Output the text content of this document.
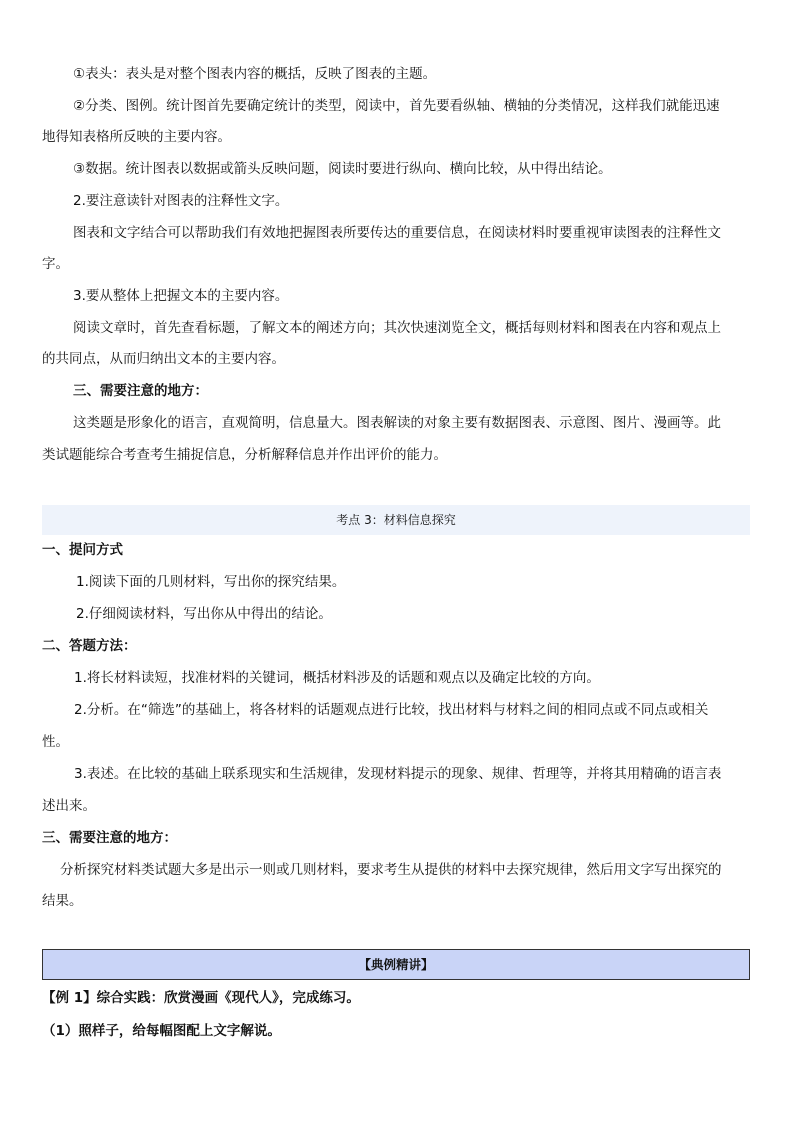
①表头：表头是对整个图表内容的概括，反映了图表的主题。
②分类、图例。统计图首先要确定统计的类型，阅读中，首先要看纵轴、横轴的分类情况，这样我们就能迅速
地得知表格所反映的主要内容。
③数据。统计图表以数据或箭头反映问题，阅读时要进行纵向、横向比较，从中得出结论。
2.要注意读针对图表的注释性文字。
图表和文字结合可以帮助我们有效地把握图表所要传达的重要信息，在阅读材料时要重视审读图表的注释性文
字。
3.要从整体上把握文本的主要内容。
阅读文章时，首先查看标题，了解文本的阐述方向；其次快速浏览全文，概括每则材料和图表在内容和观点上
的共同点，从而归纳出文本的主要内容。
三、需要注意的地方：
这类题是形象化的语言，直观简明，信息量大。图表解读的对象主要有数据图表、示意图、图片、漫画等。此
类试题能综合考查考生捕捉信息，分析解释信息并作出评价的能力。
考点 3：材料信息探究
一、提问方式
1.阅读下面的几则材料，写出你的探究结果。
2.仔细阅读材料，写出你从中得出的结论。
二、答题方法：
1.将长材料读短，找准材料的关键词，概括材料涉及的话题和观点以及确定比较的方向。
2.分析。在“筛选”的基础上，将各材料的话题观点进行比较，找出材料与材料之间的相同点或不同点或相关
性。
3.表述。在比较的基础上联系现实和生活规律，发现材料提示的现象、规律、哲理等，并将其用精确的语言表
述出来。
三、需要注意的地方：
分析探究材料类试题大多是出示一则或几则材料，要求考生从提供的材料中去探究规律，然后用文字写出探究的
结果。
【典例精讲】
【例 1】综合实践：欣赏漫画《现代人》，完成练习。
（1）照样子，给每幅图配上文字解说。
